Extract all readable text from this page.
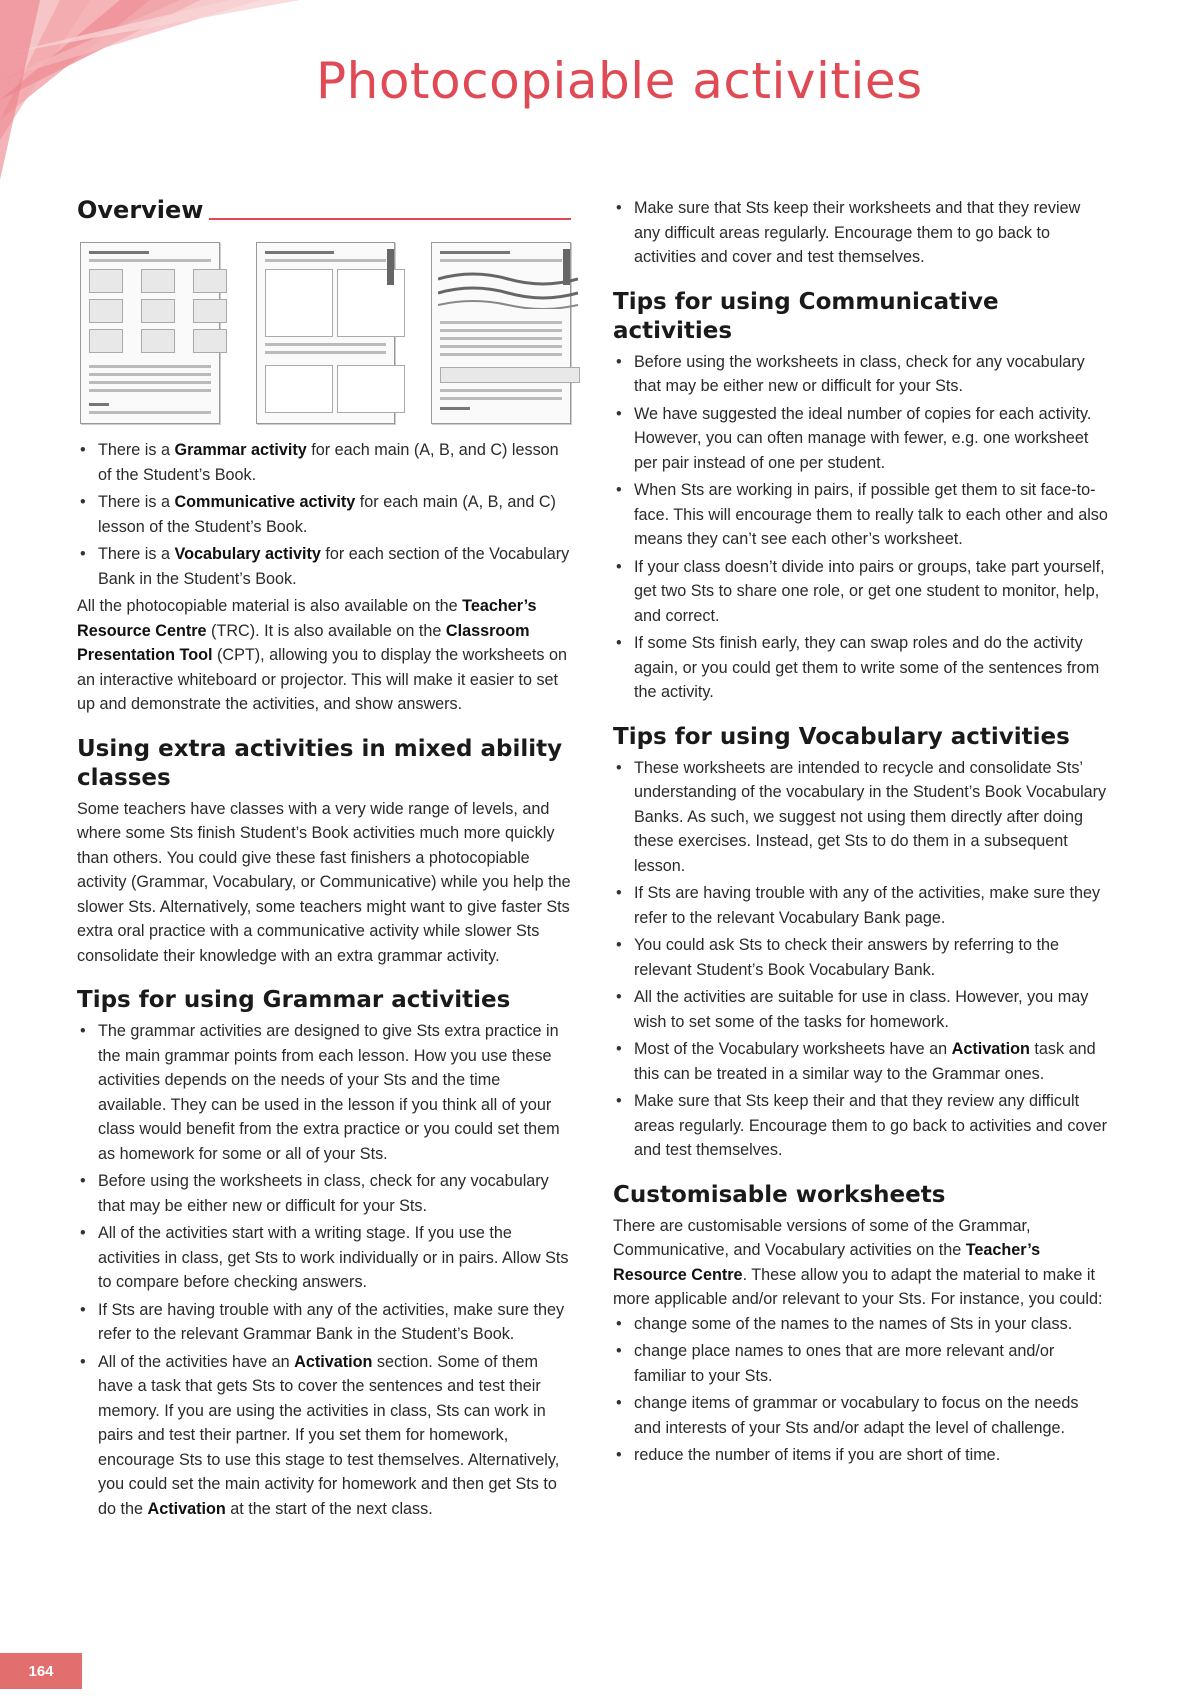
Photocopiable activities
Overview
• There is a Grammar activity for each main (A, B, and C) lesson of the Student’s Book.
• There is a Communicative activity for each main (A, B, and C) lesson of the Student’s Book.
• There is a Vocabulary activity for each section of the Vocabulary Bank in the Student’s Book.

All the photocopiable material is also available on the Teacher’s Resource Centre (TRC). It is also available on the Classroom Presentation Tool (CPT), allowing you to display the worksheets on an interactive whiteboard or projector. This will make it easier to set up and demonstrate the activities, and show answers.

Using extra activities in mixed ability classes

Some teachers have classes with a very wide range of levels, and where some Sts finish Student’s Book activities much more quickly than others. You could give these fast finishers a photocopiable activity (Grammar, Vocabulary, or Communicative) while you help the slower Sts. Alternatively, some teachers might want to give faster Sts extra oral practice with a communicative activity while slower Sts consolidate their knowledge with an extra grammar activity.

Tips for using Grammar activities
• The grammar activities are designed to give Sts extra practice in the main grammar points from each lesson. How you use these activities depends on the needs of your Sts and the time available. They can be used in the lesson if you think all of your class would benefit from the extra practice or you could set them as homework for some or all of your Sts.
• Before using the worksheets in class, check for any vocabulary that may be either new or difficult for your Sts.
• All of the activities start with a writing stage. If you use the activities in class, get Sts to work individually or in pairs. Allow Sts to compare before checking answers.
• If Sts are having trouble with any of the activities, make sure they refer to the relevant Grammar Bank in the Student’s Book.
• All of the activities have an Activation section. Some of them have a task that gets Sts to cover the sentences and test their memory. If you are using the activities in class, Sts can work in pairs and test their partner. If you set them for homework, encourage Sts to use this stage to test themselves. Alternatively, you could set the main activity for homework and then get Sts to do the Activation at the start of the next class.
• Make sure that Sts keep their worksheets and that they review any difficult areas regularly. Encourage them to go back to activities and cover and test themselves.
Tips for using Communicative activities
• Before using the worksheets in class, check for any vocabulary that may be either new or difficult for your Sts.
• We have suggested the ideal number of copies for each activity. However, you can often manage with fewer, e.g. one worksheet per pair instead of one per student.
• When Sts are working in pairs, if possible get them to sit face-to-face. This will encourage them to really talk to each other and also means they can’t see each other’s worksheet.
• If your class doesn’t divide into pairs or groups, take part yourself, get two Sts to share one role, or get one student to monitor, help, and correct.
• If some Sts finish early, they can swap roles and do the activity again, or you could get them to write some of the sentences from the activity.
Tips for using Vocabulary activities
• These worksheets are intended to recycle and consolidate Sts’ understanding of the vocabulary in the Student’s Book Vocabulary Banks. As such, we suggest not using them directly after doing these exercises. Instead, get Sts to do them in a subsequent lesson.
• If Sts are having trouble with any of the activities, make sure they refer to the relevant Vocabulary Bank page.
• You could ask Sts to check their answers by referring to the relevant Student’s Book Vocabulary Bank.
• All the activities are suitable for use in class. However, you may wish to set some of the tasks for homework.
• Most of the Vocabulary worksheets have an Activation task and this can be treated in a similar way to the Grammar ones.
• Make sure that Sts keep their and that they review any difficult areas regularly. Encourage them to go back to activities and cover and test themselves.
Customisable worksheets

There are customisable versions of some of the Grammar, Communicative, and Vocabulary activities on the Teacher’s Resource Centre. These allow you to adapt the material to make it more applicable and/or relevant to your Sts. For instance, you could:

• change some of the names to the names of Sts in your class.
• change place names to ones that are more relevant and/or familiar to your Sts.
• change items of grammar or vocabulary to focus on the needs and interests of your Sts and/or adapt the level of challenge.
• reduce the number of items if you are short of time.
164
